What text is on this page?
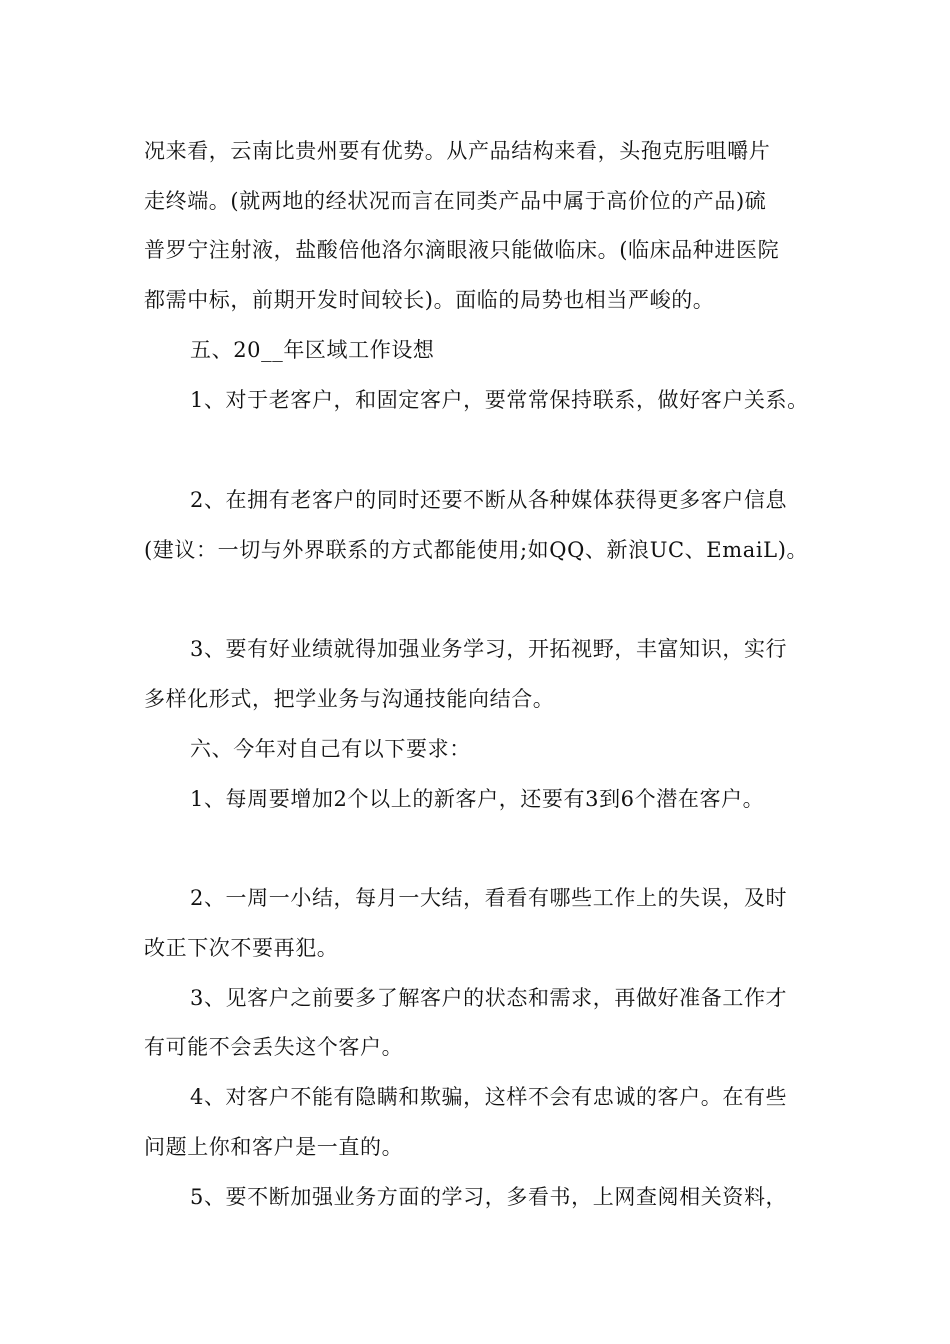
况来看，云南比贵州要有优势。从产品结构来看，头孢克肟咀嚼片
走终端。(就两地的经状况而言在同类产品中属于高价位的产品)硫
普罗宁注射液，盐酸倍他洛尔滴眼液只能做临床。(临床品种进医院
都需中标，前期开发时间较长)。面临的局势也相当严峻的。
五、20__年区域工作设想
1、对于老客户，和固定客户，要常常保持联系，做好客户关系。
2、在拥有老客户的同时还要不断从各种媒体获得更多客户信息
(建议：一切与外界联系的方式都能使用;如QQ、新浪UC、EmaiL)。
3、要有好业绩就得加强业务学习，开拓视野，丰富知识，实行
多样化形式，把学业务与沟通技能向结合。
六、今年对自己有以下要求：
1、每周要增加2个以上的新客户，还要有3到6个潜在客户。
2、一周一小结，每月一大结，看看有哪些工作上的失误，及时
改正下次不要再犯。
3、见客户之前要多了解客户的状态和需求，再做好准备工作才
有可能不会丢失这个客户。
4、对客户不能有隐瞒和欺骗，这样不会有忠诚的客户。在有些
问题上你和客户是一直的。
5、要不断加强业务方面的学习，多看书，上网查阅相关资料，
